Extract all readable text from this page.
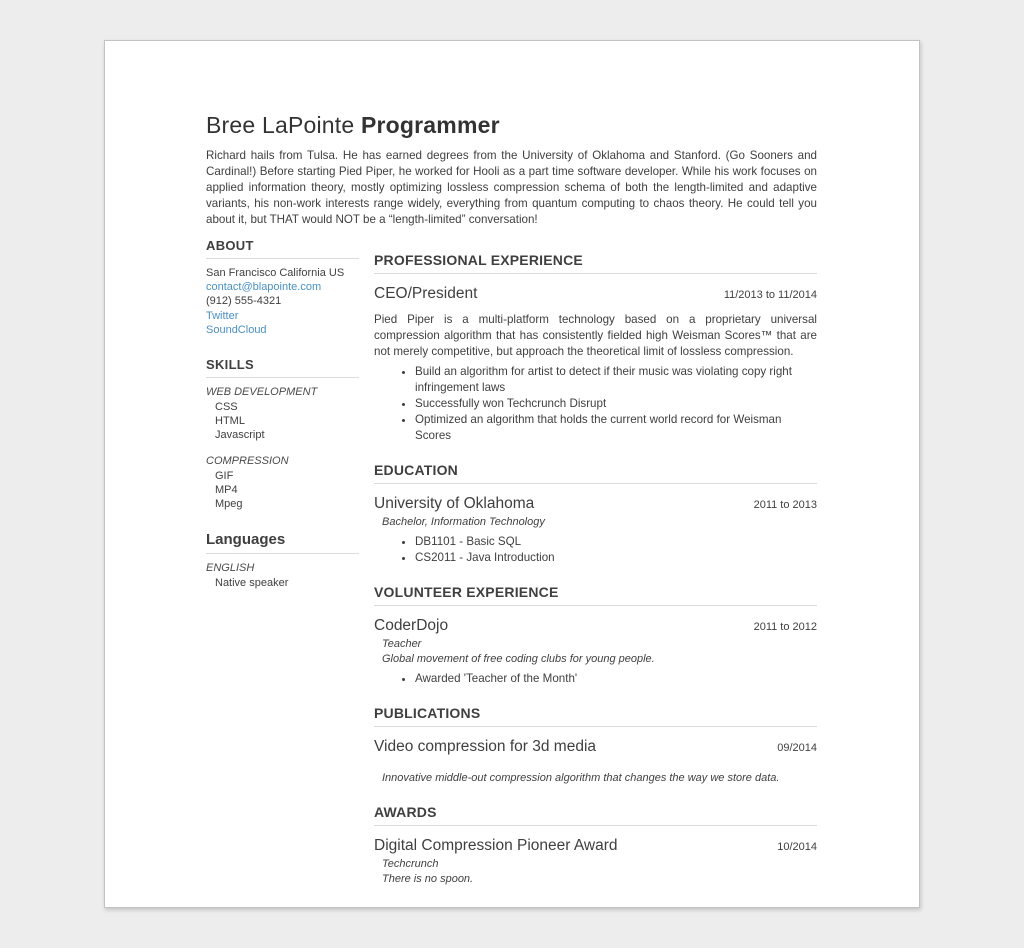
Bree LaPointe Programmer

Richard hails from Tulsa. He has earned degrees from the University of Oklahoma and Stanford. (Go Sooners and Cardinal!) Before starting Pied Piper, he worked for Hooli as a part time software developer. While his work focuses on applied information theory, mostly optimizing lossless compression schema of both the length-limited and adaptive variants, his non-work interests range widely, everything from quantum computing to chaos theory. He could tell you about it, but THAT would NOT be a “length-limited” conversation!

ABOUT
San Francisco California US
contact@blapointe.com
(912) 555-4321
Twitter
SoundCloud
SKILLS
WEB DEVELOPMENT
CSS
HTML
Javascript
COMPRESSION
GIF
MP4
Mpeg
Languages
ENGLISH
Native speaker
PROFESSIONAL EXPERIENCE
CEO/President	11/2013 to 11/2014

Pied Piper is a multi-platform technology based on a proprietary universal compression algorithm that has consistently fielded high Weisman Scores™ that are not merely competitive, but approach the theoretical limit of lossless compression.

• Build an algorithm for artist to detect if their music was violating copy right infringement laws
• Successfully won Techcrunch Disrupt
• Optimized an algorithm that holds the current world record for Weisman Scores
EDUCATION
University of Oklahoma	2011 to 2013
Bachelor, Information Technology
• DB1101 - Basic SQL
• CS2011 - Java Introduction
VOLUNTEER EXPERIENCE
CoderDojo	2011 to 2012
Teacher
Global movement of free coding clubs for young people.
• Awarded 'Teacher of the Month'
PUBLICATIONS
Video compression for 3d media	09/2014
Innovative middle-out compression algorithm that changes the way we store data.
AWARDS
Digital Compression Pioneer Award	10/2014
Techcrunch
There is no spoon.
